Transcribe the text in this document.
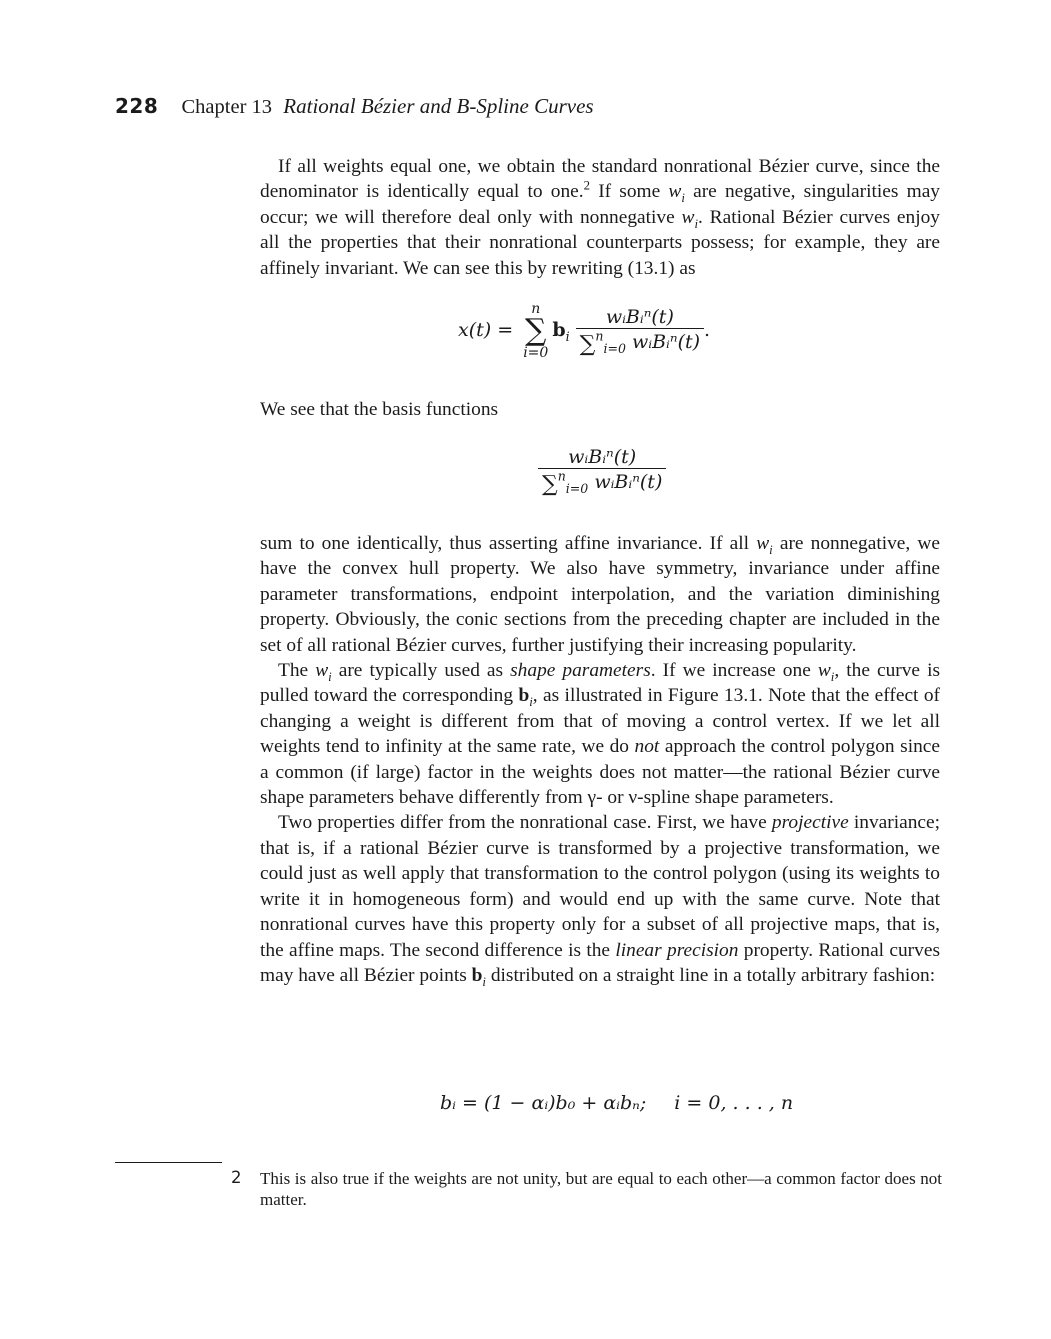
228 Chapter 13 Rational Bézier and B-Spline Curves

If all weights equal one, we obtain the standard nonrational Bézier curve, since the denominator is identically equal to one.$^2$ If some $w_i$ are negative, singularities may occur; we will therefore deal only with nonnegative $w_i$. Rational Bézier curves enjoy all the properties that their nonrational counterparts possess; for example, they are affinely invariant. We can see this by rewriting (13.1) as

x(t) =
n
∑
i=0
$b_i \frac{\text{wᵢBᵢⁿ(t)}}{\sum^n_{i=0} wᵢBᵢ^n(t)}$ .

We see that the basis functions

$\frac{\text{wᵢBᵢⁿ(t)}}{\sum^n_{i=0} wᵢBᵢ^n(t)}$

sum to one identically, thus asserting affine invariance. If all $w_i$ are nonnegative, we have the convex hull property. We also have symmetry, invariance under affine parameter transformations, endpoint interpolation, and the variation diminishing property. Obviously, the conic sections from the preceding chapter are included in the set of all rational Bézier curves, further justifying their increasing popularity.

The $w_i$ are typically used as shape parameters. If we increase one $w_i$, the curve is pulled toward the corresponding $b_i$, as illustrated in Figure 13.1. Note that the effect of changing a weight is different from that of moving a control vertex. If we let all weights tend to infinity at the same rate, we do not approach the control polygon since a common (if large) factor in the weights does not matter—the rational Bézier curve shape parameters behave differently from γ- or ν-spline shape parameters.

Two properties differ from the nonrational case. First, we have projective invariance; that is, if a rational Bézier curve is transformed by a projective transformation, we could just as well apply that transformation to the control polygon (using its weights to write it in homogeneous form) and would end up with the same curve. Note that nonrational curves have this property only for a subset of all projective maps, that is, the affine maps. The second difference is the linear precision property. Rational curves may have all Bézier points $b_i$ distributed on a straight line in a totally arbitrary fashion:

bᵢ = (1 − αᵢ)b₀ + αᵢbₙ; i = 0, . . . , n
2 This is also true if the weights are not unity, but are equal to each other—a common factor does not matter.
